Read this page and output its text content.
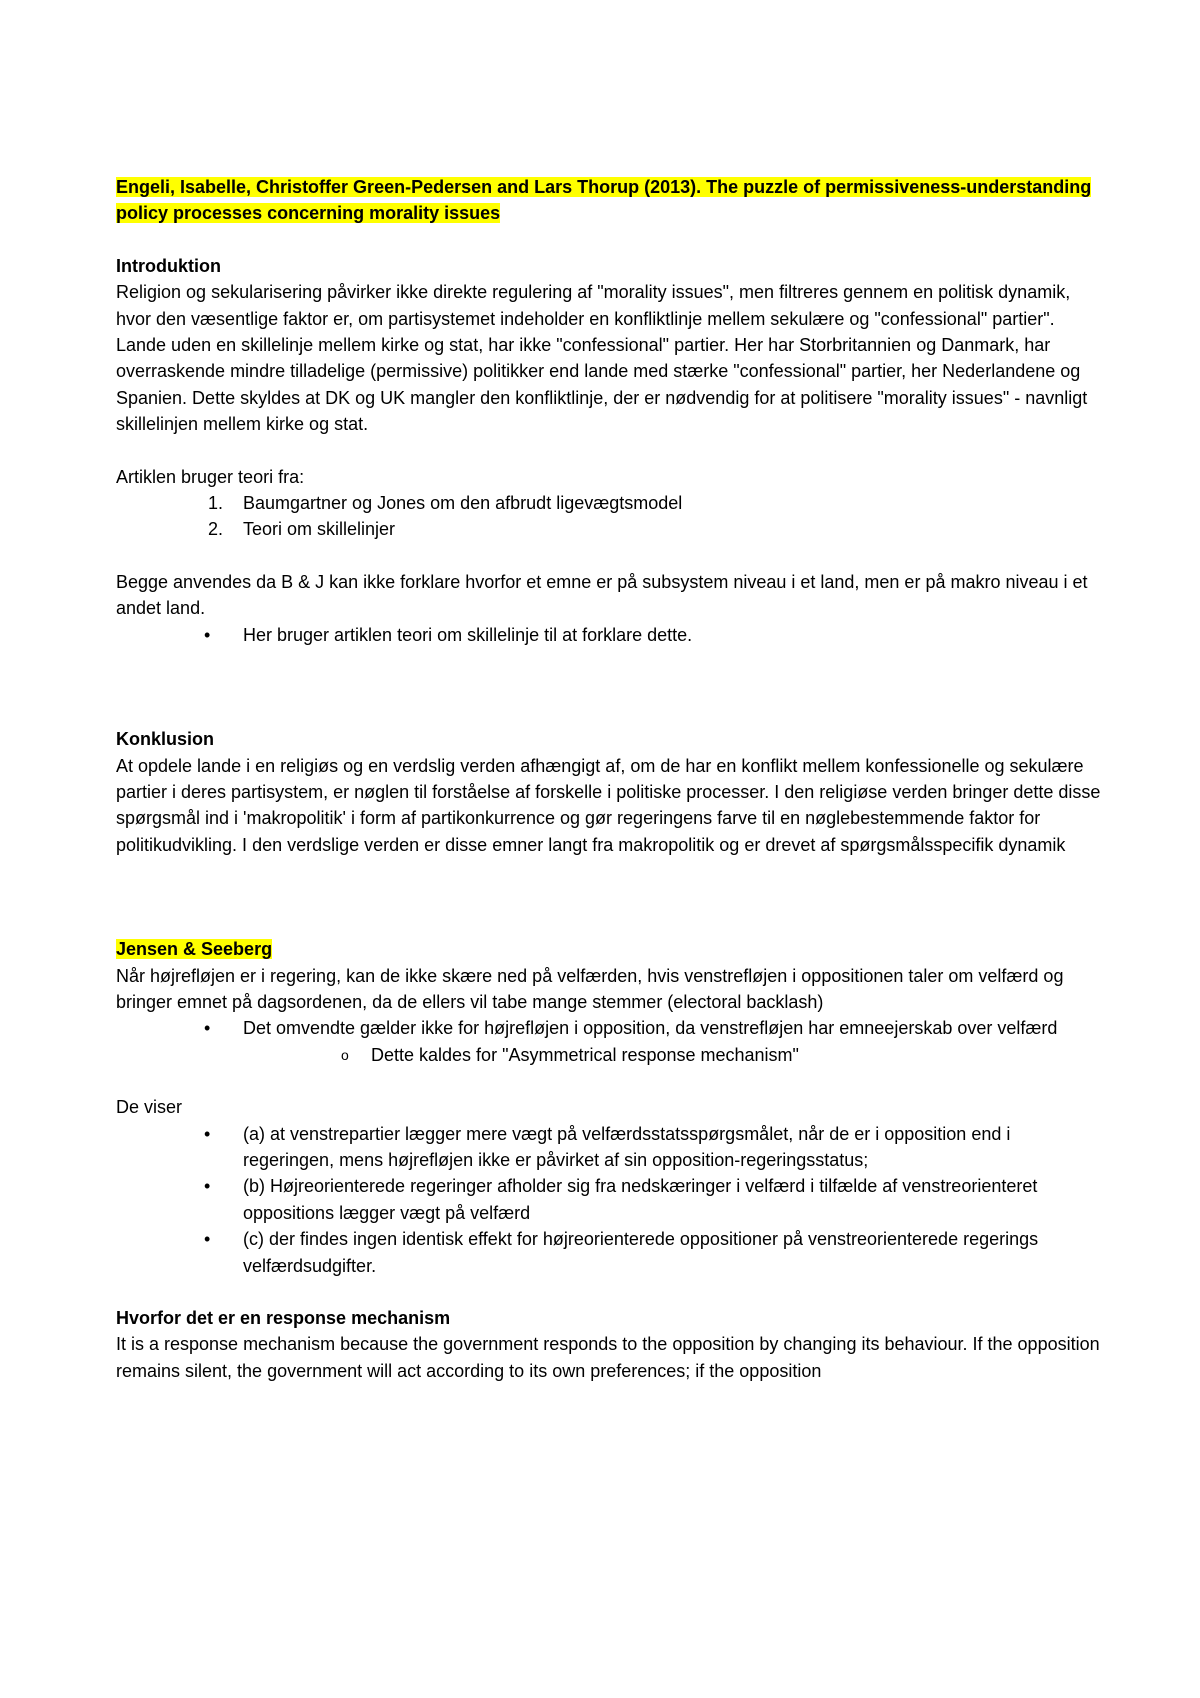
Engeli, Isabelle, Christoffer Green-Pedersen and Lars Thorup (2013). The puzzle of permissiveness-understanding policy processes concerning morality issues

Introduktion

Religion og sekularisering påvirker ikke direkte regulering af "morality issues", men filtreres gennem en politisk dynamik, hvor den væsentlige faktor er, om partisystemet indeholder en konfliktlinje mellem sekulære og "confessional" partier". Lande uden en skillelinje mellem kirke og stat, har ikke "confessional" partier. Her har Storbritannien og Danmark, har overraskende mindre tilladelige (permissive) politikker end lande med stærke "confessional" partier, her Nederlandene og Spanien. Dette skyldes at DK og UK mangler den konfliktlinje, der er nødvendig for at politisere "morality issues" - navnligt skillelinjen mellem kirke og stat.

Artiklen bruger teori fra:

1. Baumgartner og Jones om den afbrudt ligevægtsmodel
2. Teori om skillelinjer

Begge anvendes da B & J kan ikke forklare hvorfor et emne er på subsystem niveau i et land, men er på makro niveau i et andet land.

• Her bruger artiklen teori om skillelinje til at forklare dette.

Konklusion

At opdele lande i en religiøs og en verdslig verden afhængigt af, om de har en konflikt mellem konfessionelle og sekulære partier i deres partisystem, er nøglen til forståelse af forskelle i politiske processer. I den religiøse verden bringer dette disse spørgsmål ind i 'makropolitik' i form af partikonkurrence og gør regeringens farve til en nøglebestemmende faktor for politikudvikling. I den verdslige verden er disse emner langt fra makropolitik og er drevet af spørgsmålsspecifik dynamik

Jensen & Seeberg

Når højrefløjen er i regering, kan de ikke skære ned på velfærden, hvis venstrefløjen i oppositionen taler om velfærd og bringer emnet på dagsordenen, da de ellers vil tabe mange stemmer (electoral backlash)

• Det omvendte gælder ikke for højrefløjen i opposition, da venstrefløjen har emneejerskab over velfærd
o Dette kaldes for "Asymmetrical response mechanism"

De viser

• (a) at venstrepartier lægger mere vægt på velfærdsstatsspørgsmålet, når de er i opposition end i regeringen, mens højrefløjen ikke er påvirket af sin opposition-regeringsstatus;
• (b) Højreorienterede regeringer afholder sig fra nedskæringer i velfærd i tilfælde af venstreorienteret oppositions lægger vægt på velfærd
• (c) der findes ingen identisk effekt for højreorienterede oppositioner på venstreorienterede regerings velfærdsudgifter.

Hvorfor det er en response mechanism

It is a response mechanism because the government responds to the opposition by changing its behaviour. If the opposition remains silent, the government will act according to its own preferences; if the opposition
